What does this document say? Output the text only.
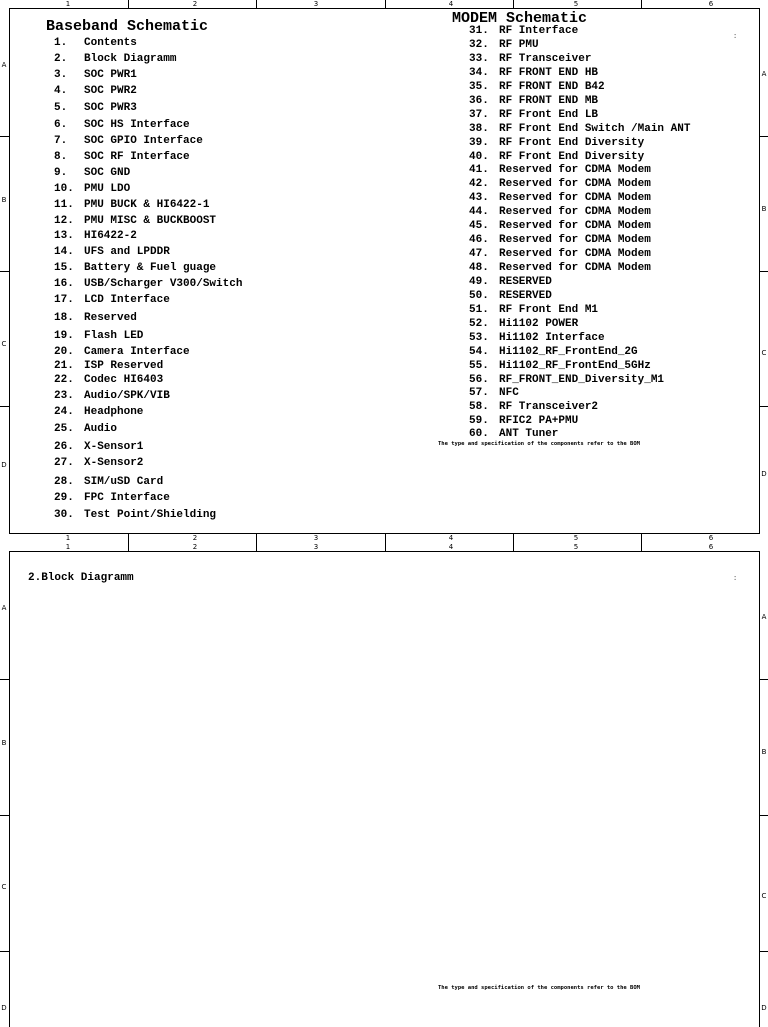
1	2	3	4	5	6
1	2	3	4	5	6
A
B
C
D
A
B
C
D
Baseband Schematic	MODEM Schematic
:
1. Contents
2. Block Diagramm
3. SOC PWR1
4. SOC PWR2
5. SOC PWR3
6. SOC HS Interface
7. SOC GPIO Interface
8. SOC RF Interface
9. SOC GND
10. PMU LDO
11. PMU BUCK & HI6422-1
12. PMU MISC & BUCKBOOST
13. HI6422-2
14. UFS and LPDDR
15. Battery & Fuel guage
16. USB/Scharger V300/Switch
17. LCD Interface
18. Reserved
19. Flash LED
20. Camera Interface
21. ISP Reserved
22. Codec HI6403
23. Audio/SPK/VIB
24. Headphone
25. Audio
26. X-Sensor1
27. X-Sensor2
28. SIM/uSD Card
29. FPC Interface
30. Test Point/Shielding
31. RF Interface
32. RF PMU
33. RF Transceiver
34. RF FRONT END HB
35. RF FRONT END B42
36. RF FRONT END MB
37. RF Front End LB
38. RF Front End Switch /Main ANT
39. RF Front End Diversity
40. RF Front End Diversity
41. Reserved for CDMA Modem
42. Reserved for CDMA Modem
43. Reserved for CDMA Modem
44. Reserved for CDMA Modem
45. Reserved for CDMA Modem
46. Reserved for CDMA Modem
47. Reserved for CDMA Modem
48. Reserved for CDMA Modem
49. RESERVED
50. RESERVED
51. RF Front End M1
52. Hi1102 POWER
53. Hi1102 Interface
54. Hi1102_RF_FrontEnd_2G
55. Hi1102_RF_FrontEnd_5GHz
56. RF_FRONT_END_Diversity_M1
57. NFC
58. RF Transceiver2
59. RFIC2 PA+PMU
60. ANT Tuner
The type and specification of the components refer to the BOM
1	2	3	4	5	6
A
B
C
D
A
B
C
D
2.Block Diagramm	:
The type and specification of the components refer to the BOM
